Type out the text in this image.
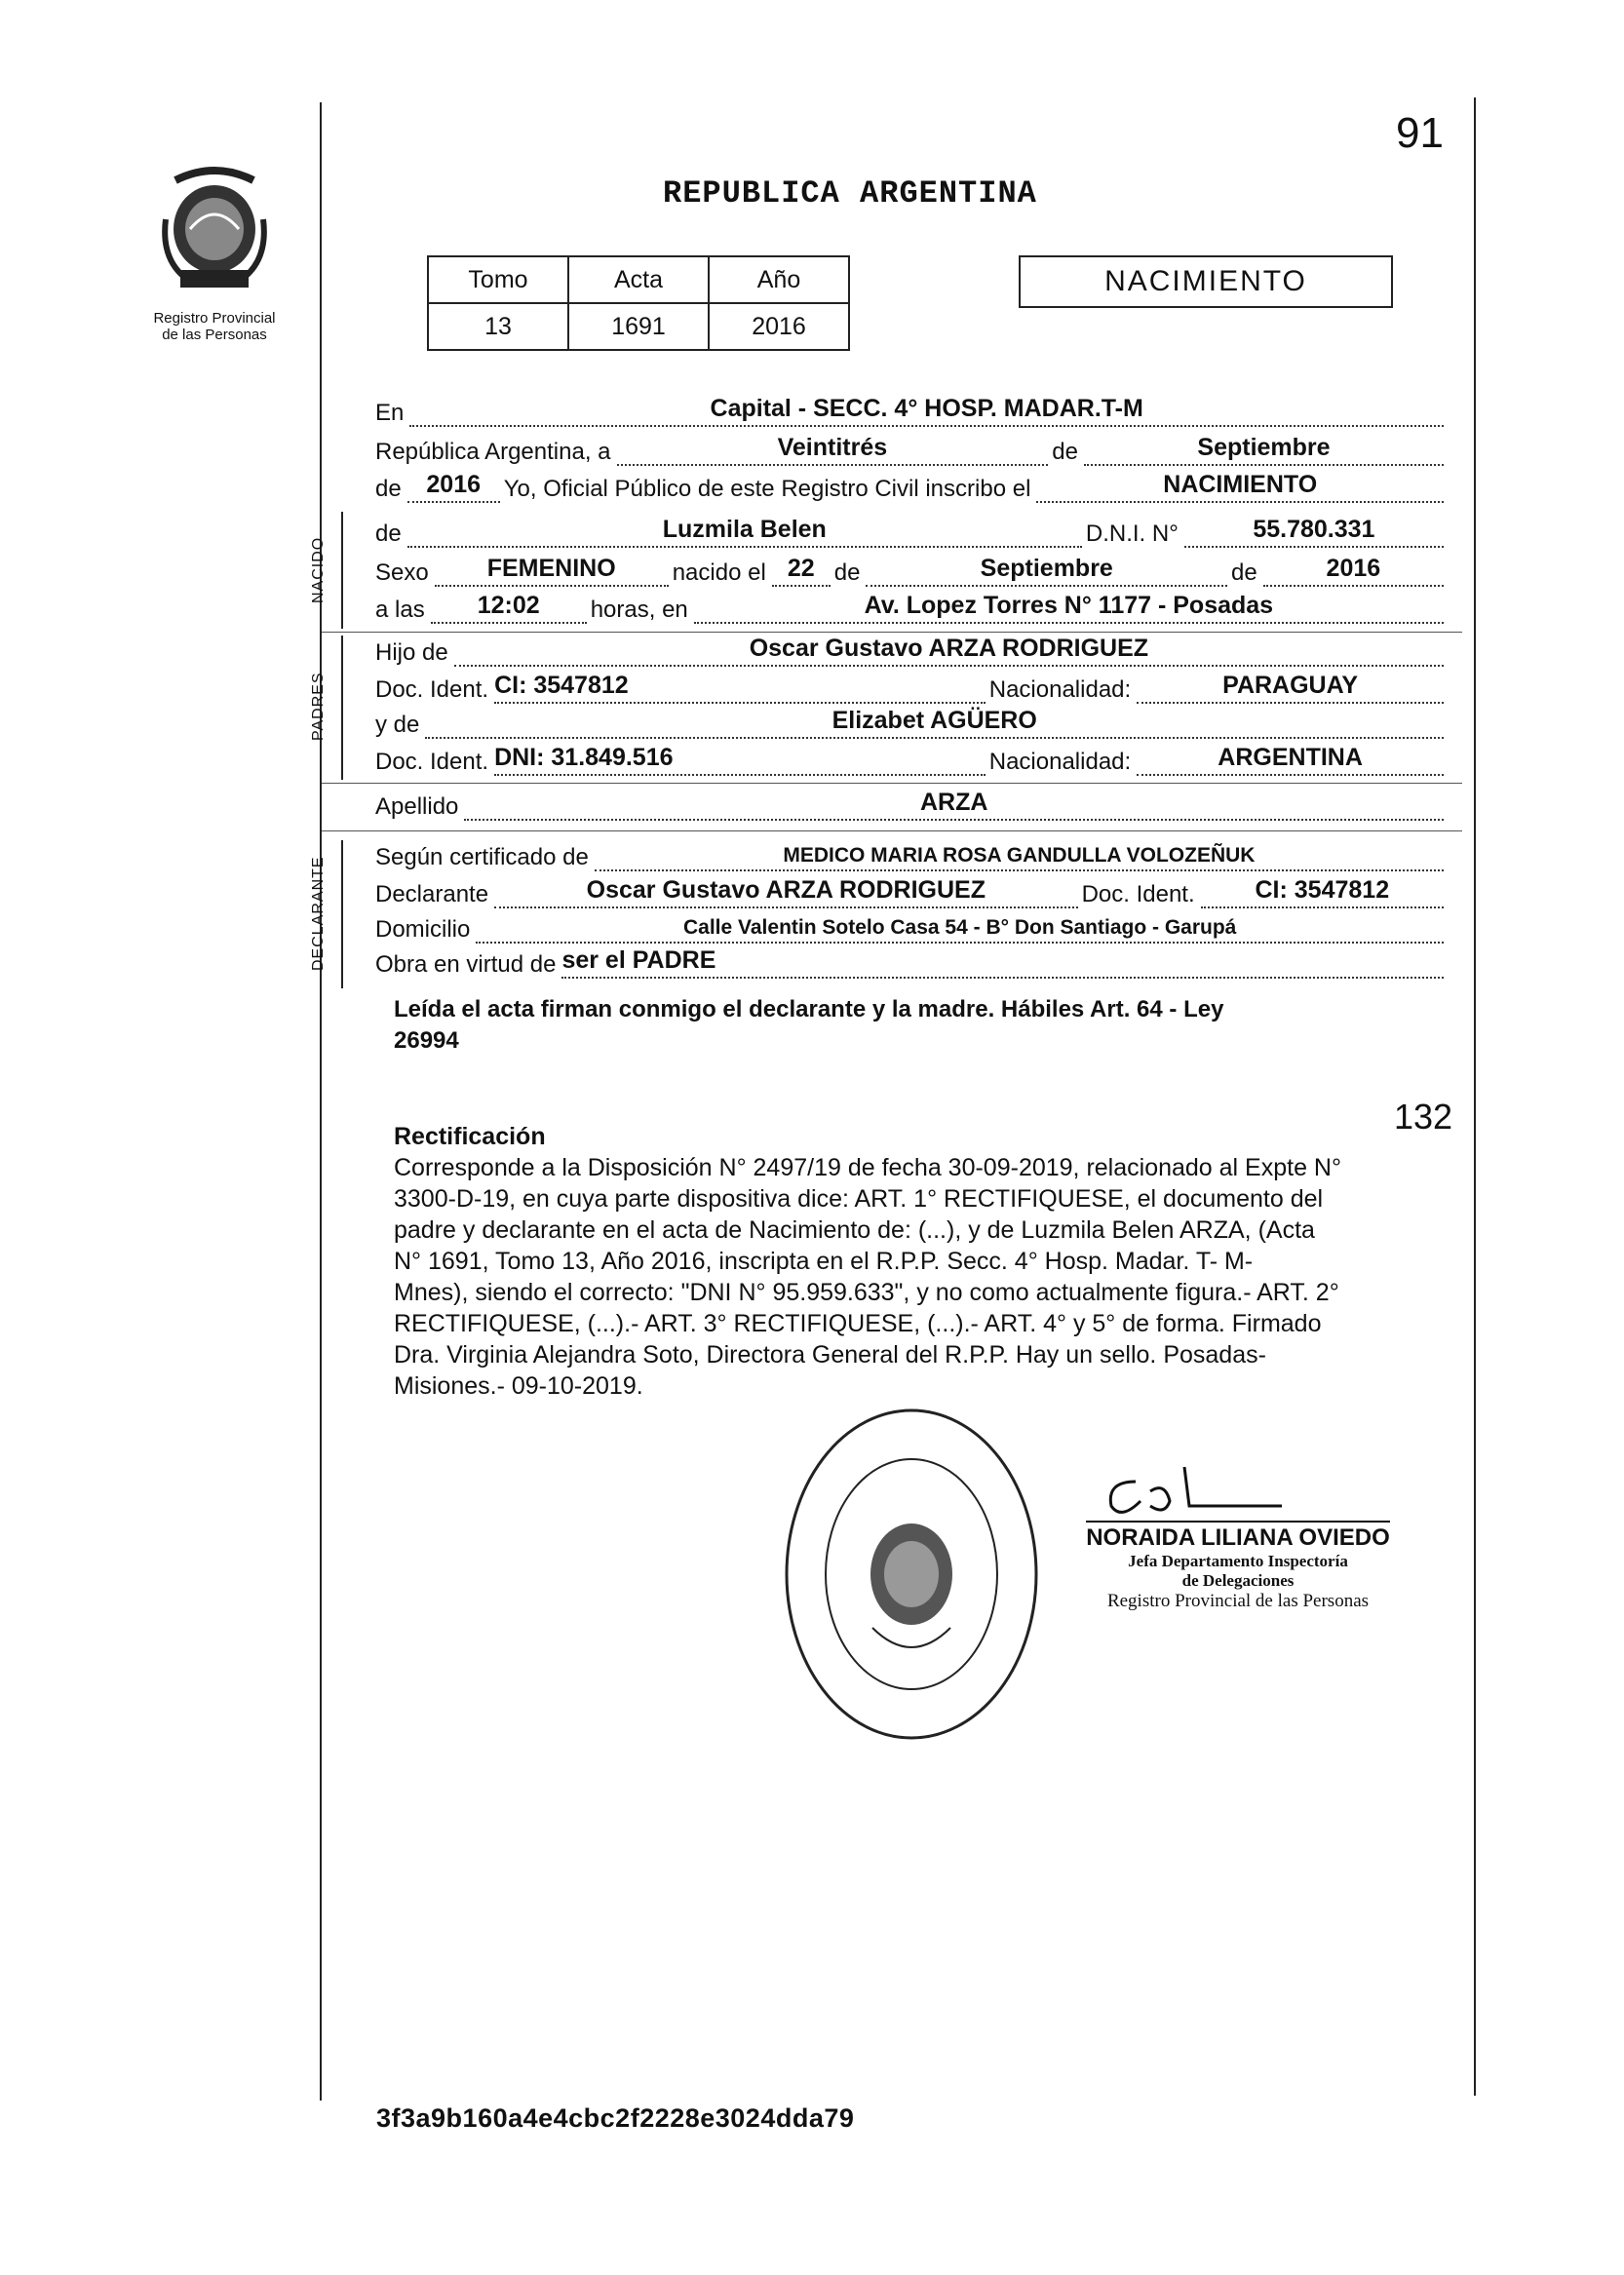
91
Registro Provincial
de las Personas
REPUBLICA ARGENTINA
Tomo	Acta	Año
13	1691	2016
NACIMIENTO
En	Capital - SECC. 4° HOSP. MADAR.T-M
República Argentina, a	Veintitrés	de	Septiembre
de	2016 Yo, Oficial Público de este Registro Civil inscribo el	NACIMIENTO
NACIDO
de	Luzmila Belen	D.N.I. N°	55.780.331
Sexo	FEMENINO	nacido el 22 de	Septiembre	de	2016
a las	12:02	horas, en	Av. Lopez Torres N° 1177 - Posadas
PADRES
Hijo de	Oscar Gustavo ARZA RODRIGUEZ
Doc. Ident. CI: 3547812	Nacionalidad:	PARAGUAY
y de	Elizabet AGÜERO
Doc. Ident. DNI: 31.849.516	Nacionalidad:	ARGENTINA
Apellido	ARZA
DECLARANTE	Según certificado de	MEDICO MARIA ROSA GANDULLA VOLOZEÑUK
Declarante	Oscar Gustavo ARZA RODRIGUEZ	Doc. Ident.	CI: 3547812
Domicilio	Calle Valentin Sotelo Casa 54 - B° Don Santiago - Garupá
Obra en virtud de ser el PADRE
Leída el acta firman conmigo el declarante y la madre. Hábiles Art. 64 - Ley
26994
132
Rectificación
Corresponde a la Disposición N° 2497/19 de fecha 30-09-2019, relacionado al Expte N°
3300-D-19, en cuya parte dispositiva dice: ART. 1° RECTIFIQUESE, el documento del
padre y declarante en el acta de Nacimiento de: (...), y de Luzmila Belen ARZA, (Acta
N° 1691, Tomo 13, Año 2016, inscripta en el R.P.P. Secc. 4° Hosp. Madar. T- M-
Mnes), siendo el correcto: "DNI N° 95.959.633", y no como actualmente figura.- ART. 2°
RECTIFIQUESE, (...).- ART. 3° RECTIFIQUESE, (...).- ART. 4° y 5° de forma. Firmado
Dra. Virginia Alejandra Soto, Directora General del R.P.P. Hay un sello. Posadas-
Misiones.- 09-10-2019.
NORAIDA LILIANA OVIEDO
Jefa Departamento Inspectoría
de Delegaciones
Registro Provincial de las Personas
3f3a9b160a4e4cbc2f2228e3024dda79
